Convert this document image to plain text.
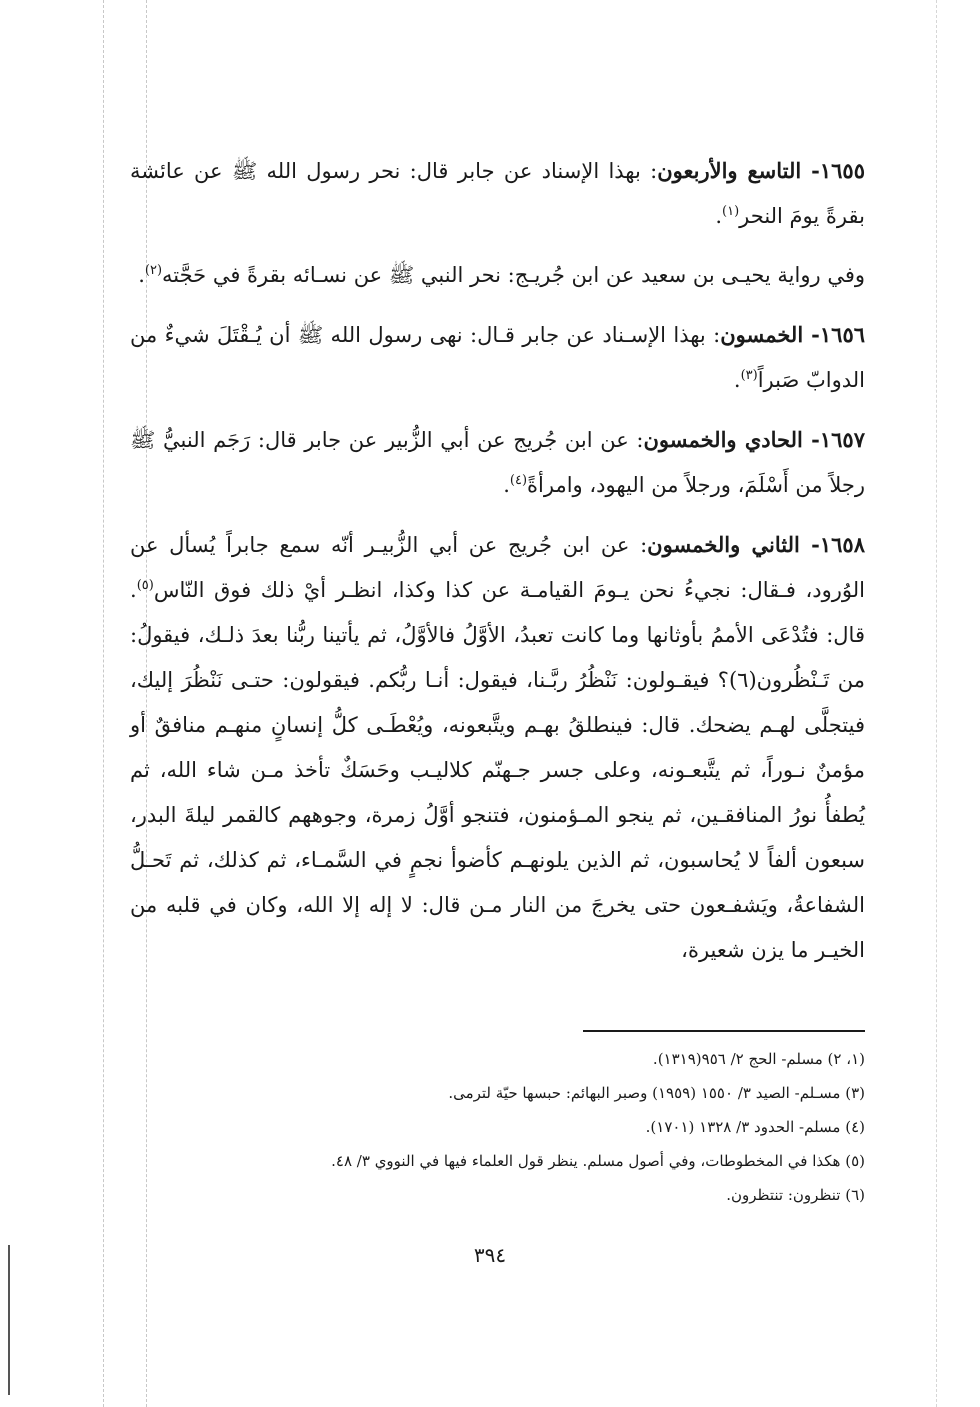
١٦٥٥- التاسع والأربعون: بهذا الإسناد عن جابر قال: نحر رسول الله ﷺ عن عائشة بقرةً يومَ النحر$^{(١)}$.

وفي رواية يحيـى بن سعيد عن ابن جُريـج: نحر النبي ﷺ عن نسـائه بقرةً في حَجَّته$^{(٢)}$.

١٦٥٦- الخمسون: بهذا الإسـناد عن جابر قـال: نهى رسول الله ﷺ أن يُـقْتَلَ شيءٌ من الدوابّ صَبراً$^{(٣)}$.

١٦٥٧- الحادي والخمسون: عن ابن جُريج عن أبي الزُّبير عن جابر قال: رَجَم النبيُّ ﷺ رجلاً من أَسْلَمَ، ورجلاً من اليهود، وامرأةً$^{(٤)}$.

١٦٥٨- الثاني والخمسون: عن ابن جُريج عن أبي الزُّبيـر أنّه سمع جابراً يُسأل عن الوُرود، فـقال: نجيءُ نحن يـومَ القيامـة عن كذا وكذا، انظـر أيْ ذلك فوق النّاس$^{(٥)}$. قال: فتُدْعَى الأممُ بأوثانها وما كانت تعبدُ، الأوَّلُ فالأوَّلُ، ثم يأتينا ربُّنا بعدَ ذلـك، فيقولُ: من تَـنْظُرون(٦)؟ فيقـولون: نَنْظُرُ ربَّـنا، فيقول: أنـا ربُّكم. فيقولون: حتـى نَنْظُرَ إليك، فيتجلَّى لهـم يضحك. قال: فينطلقُ بهـم ويتَّبعونه، ويُعْطَـى كلُّ إنسانٍ منهـم منافقٌ أو مؤمنٌ نـوراً، ثم يتَّبعـونه، وعلى جسر جـهنّم كلاليـب وحَسَكٌ تأخذ مـن شاء الله، ثم يُطفأُ نورُ المنافقـين، ثم ينجو المـؤمنون، فتنجو أوَّلُ زمرة، وجوههم كالقمر ليلةَ البدر، سبعون ألفاً لا يُحاسبون، ثم الذين يلونهـم كأضوأ نجمٍ في السَّمـاء، ثم كذلك، ثم تَحـلُّ الشفاعةُ، ويَشفـعون حتى يخرجَ من النار مـن قال: لا إله إلا الله، وكان في قلبه من الخيـر ما يزن شعيرة،

(١، ٢) مسلم- الحج ٢/ ٩٥٦(١٣١٩).

(٣) مسـلم- الصيد ٣/ ١٥٥٠ (١٩٥٩) وصبر البهائم: حبسها حيّة لترمى.

(٤) مسلم- الحدود ٣/ ١٣٢٨ (١٧٠١).

(٥) هكذا في المخطوطات، وفي أصول مسلم. ينظر قول العلماء فيها في النووي ٣/ ٤٨.

(٦) تنظرون: تنتظرون.

٣٩٤
